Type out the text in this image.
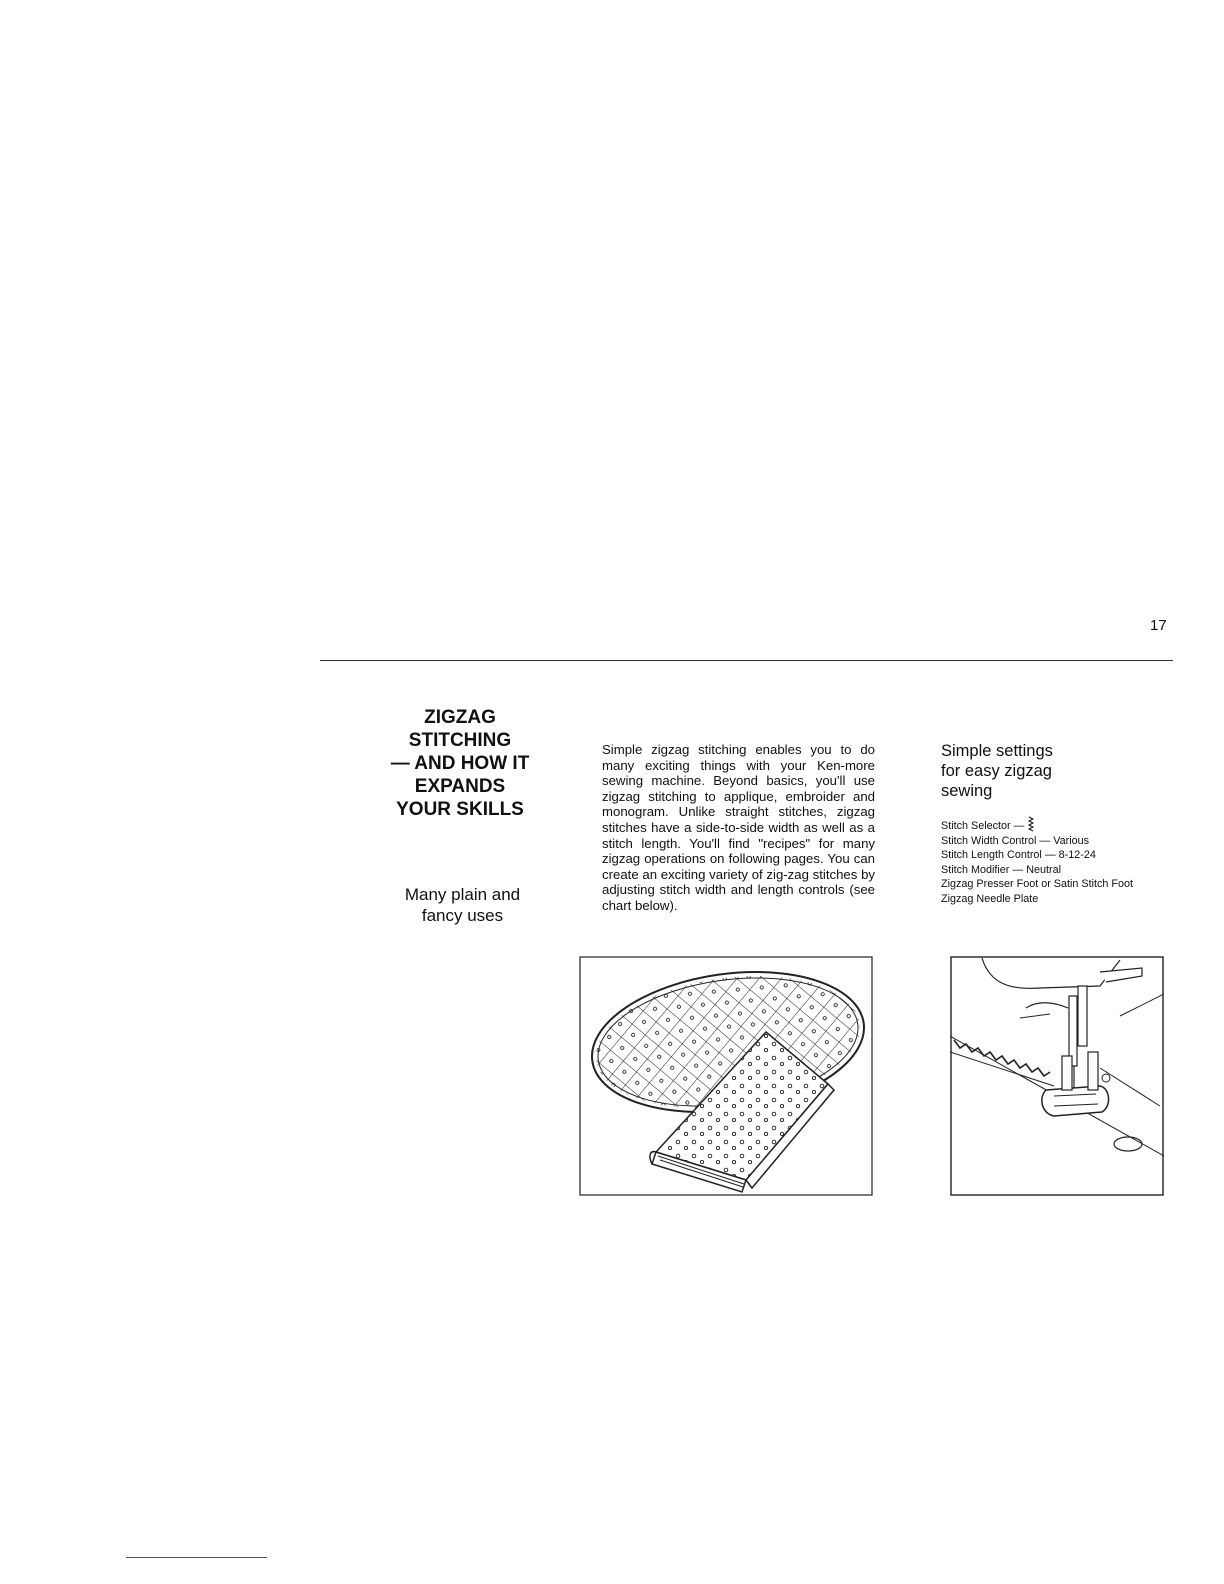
17
ZIGZAG
STITCHING
— AND HOW IT
EXPANDS
YOUR SKILLS
Many plain and
fancy uses

Simple zigzag stitching enables you to do many exciting things with your Ken-more sewing machine. Beyond basics, you'll use zigzag stitching to applique, embroider and monogram. Unlike straight stitches, zigzag stitches have a side-to-side width as well as a stitch length. You'll find "recipes" for many zigzag operations on following pages. You can create an exciting variety of zig-zag stitches by adjusting stitch width and length controls (see chart below).

Simple settings
for easy zigzag
sewing
Stitch Selector —
Stitch Width Control — Various
Stitch Length Control — 8-12-24
Stitch Modifier — Neutral
Zigzag Presser Foot or Satin Stitch Foot
Zigzag Needle Plate
